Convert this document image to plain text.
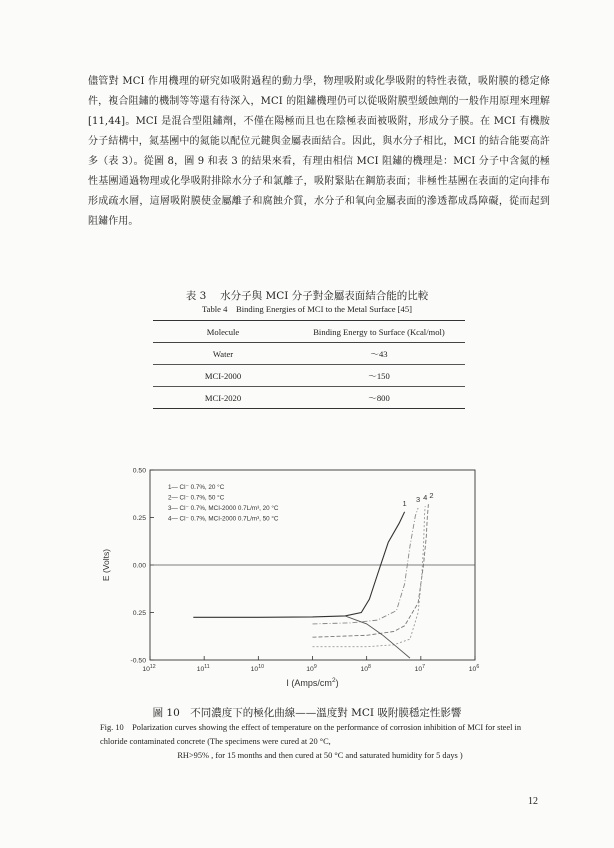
儘管對 MCI 作用機理的研究如吸附過程的動力學，物理吸附或化學吸附的特性表徵，吸附膜的穩定條件，複合阻鏽的機制等等還有待深入，MCI 的阻鏽機理仍可以從吸附膜型緩蝕劑的一般作用原理來理解[11,44]。MCI 是混合型阻鏽劑，不僅在陽極而且也在陰極表面被吸附，形成分子膜。在 MCI 有機胺分子結構中，氮基團中的氮能以配位元鍵與金屬表面結合。因此，與水分子相比，MCI 的結合能要高許多（表 3）。從圖 8，圖 9 和表 3 的結果來看，有理由相信 MCI 阻鏽的機理是：MCI 分子中含氮的極性基團通過物理或化學吸附排除水分子和氯離子，吸附緊貼在鋼筋表面；非極性基團在表面的定向排布形成疏水層，這層吸附膜使金屬離子和腐蝕介質，水分子和氧向金屬表面的滲透都成爲障礙，從而起到阻鏽作用。
表 3　 水分子與 MCI 分子對金屬表面結合能的比較
Table 4　Binding Energies of MCI to the Metal Surface [45]
Molecule	Binding Energy to Surface (Kcal/mol)
Water	～43
MCI-2000	～150
MCI-2020	～800
0.50
0.25
0.00
0.25
-0.50
$10^{12}$	$10^{11}$	$10^{10}$	$10^9$	$10^8$	$10^7$	$10^6$
1
2
3 4
1— Cl⁻ 0.7%, 20 °C
2— Cl⁻ 0.7%, 50 °C
3— Cl⁻ 0.7%, MCI-2000 0.7L/m³, 20 °C
4— Cl⁻ 0.7%, MCI-2000 0.7L/m³, 50 °C
E (Volts)
I $(Amps/cm^2)$
圖 10　不同濃度下的極化曲線——溫度對 MCI 吸附膜穩定性影響
Fig. 10　Polarization curves showing the effect of temperature on the performance of corrosion inhibition of MCI for steel in chloride contaminated concrete (The specimens were cured at 20 °C,
RH>95% , for 15 months and then cured at 50 °C and saturated humidity for 5 days )
12
